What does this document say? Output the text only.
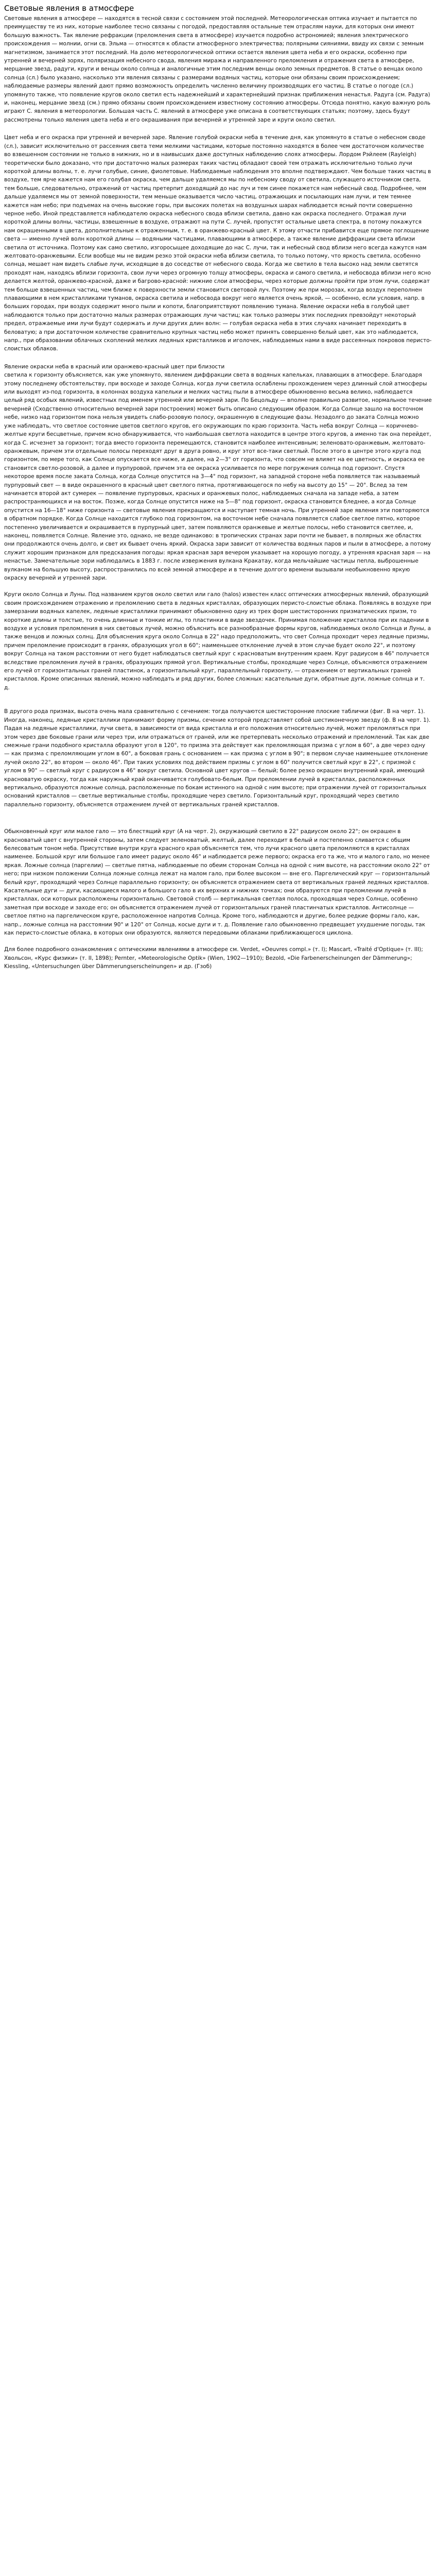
Световые явления в атмосфере

Световые явления в атмосфере — находятся в тесной связи с состоянием этой последней. Метеорологическая оптика изучает и пытается по преимуществу те из них, которые наиболее тесно связаны с погодой, предоставляя остальные тем отраслям науки, для которых они имеют большую важность. Так явление рефракции (преломления света в атмосфере) изучается подробно астрономией; явления электрического происхождения — молнии, огни св. Эльма — относятся к области атмосферного электричества; полярными сияниями, ввиду их связи с земным магнетизмом, занимается этот последний. На долю метеорологической оптики остается явления цвета неба и его окраски, особенно при утренней и вечерней зорях, поляризация небесного свода, явления миража и направленного преломления и отражения света в атмосфере, мерцание звезд, радуги, круги и венцы около солнца и аналогичные этим последним венцы около земных предметов. В статье о венцах около солнца (сл.) было указано, насколько эти явления связаны с размерами водяных частиц, которые они обязаны своим происхождением; наблюдаемые размеры явлений дают прямо возможность определить численно величину производящих его частиц. В статье о погоде (сл.) упомянуто также, что появление кругов около светил есть надежнейший и характернейший признак приближения ненастья. Радуга (см. Радуга) и, наконец, мерцание звезд (см.) прямо обязаны своим происхождением известному состоянию атмосферы. Отсюда понятно, какую важную роль играют С. явления в метеорологии. Большая часть С. явлений в атмосфере уже описана в соответствующих статьях; поэтому, здесь будут рассмотрены только явления цвета неба и его окрашивания при вечерней и утренней заре и круги около светил.

Цвет неба и его окраска при утренней и вечерней заре. Явление голубой окраски неба в течение дня, как упомянуто в статье о небесном своде (сл.), зависит исключительно от рассеяния света теми мелкими частицами, которые постоянно находятся в более чем достаточном количестве во взвешенном состоянии не только в нижних, но и в наивысших даже доступных наблюдению слоях атмосферы. Лордом Рэйлеем (Rayleigh) теоретически было доказано, что при достаточно малых размерах таких частиц обладают своей тем отражать исключительно только лучи короткой длины волны, т. е. лучи голубые, синие, фиолетовые. Наблюдаемые наблюдения это вполне подтверждают. Чем больше таких частиц в воздухе, тем ярче кажется нам его голубая окраска, чем дальше удаляемся мы по небесному своду от светила, служащего источником света, тем больше, следовательно, отражений от частиц претерпит доходящий до нас луч и тем синее покажется нам небесный свод. Подробнее, чем дальше удаляемся мы от земной поверхности, тем меньше оказывается число частиц, отражающих и посылающих нам лучи, и тем темнее кажется нам небо; при подъемах на очень высокие горы, при высоких полетах на воздушных шарах наблюдается ясный почти совершенно черное небо. Иной представляется наблюдателю окраска небесного свода вблизи светила, давно как окраска последнего. Отражая лучи короткой длины волны, частицы, взвешенные в воздухе, отражают на пути С. лучей, пропустят остальные цвета спектра, в потому покажутся нам окрашенными в цвета, дополнительные к отраженным, т. е. в оранжево-красный цвет. К этому отчасти прибавится еще прямое поглощение света — именно лучей волн короткой длины — водяными частицами, плавающими в атмосфере, а также явление диффракции света вблизи светила от источника. Поэтому как само светило, изгоросыщее доходящие до нас С. лучи, так и небесный свод вблизи него всегда кажутся нам желтовато-оранжевыми. Если вообще мы не видим резко этой окраски неба вблизи светила, то только потому, что яркость светила, особенно солнца, мешает нам видеть слабые лучи, исходящие в до соседстве от небесного свода. Когда же светило в тела высоко над земли светятся проходят нам, находясь вблизи горизонта, свои лучи через огромную толщу атмосферы, окраска и самого светила, и небосвода вблизи него ясно делается желтой, оранжево-красной, даже и багрово-красной: нижние слои атмосферы, через которые должны пройти при этом лучи, содержат тем больше взвешенных частиц, чем ближе к поверхности земли становится световой луч. Поэтому же при морозах, когда воздух переполнен плавающими в нем кристалликами туманов, окраска светила и небосвода вокруг него является очень яркой, — особенно, если условия, напр. в больших городах, при воздух содержит много пыли и копоти, благоприятствуют появлению тумана. Явление окраски неба в голубой цвет наблюдаются только при достаточно малых размерах отражающих лучи частиц; как только размеры этих последних превзойдут некоторый предел, отражаемые ими лучи будут содержать и лучи других длин волн: — голубая окраска неба в этих случаях начинает переходить в беловатую; а при достаточном количестве сравнительно крупных частиц небо может принять совершенно белый цвет, как это наблюдается, напр., при образовании облачных скоплений мелких ледяных кристалликов и иголочек, наблюдаемых нами в виде рассеянных покровов перисто-слоистых облаков.

Явление окраски неба в красный или оранжево-красный цвет при близости
светила к горизонту объясняется, как уже упомянуто, явлением диффракции света в водяных капельках, плавающих в атмосфере. Благодаря этому последнему обстоятельству, при восходе и заходе Солнца, когда лучи светила ослаблены прохождением через длинный слой атмосферы или выходят из-под горизонта, в колоннах воздуха капельки и мелких частиц пыли в атмосфере обыкновенно весьма велико, наблюдается целый ряд особых явлений, известных под именем утренней или вечерней зари. По Бецольду — вполне правильно развитое, нормальное течение вечерней (Сходственно относительно вечерней зари построения) может быть описано следующим образом. Когда Солнце зашло на восточном небе, низко над горизонтом пока нельзя увидеть слабо-розовую полосу, окрашенную в следующие фазы. Незадолго до заката Солнца можно уже наблюдать, что светлое состояние цветов светлого кругов, его окружающих по краю горизонта. Часть неба вокруг Солнца — коричнево-желтые круги бесцветные, причем ясно обнаруживается, что наибольшая светлота находится в центре этого кругов, а именно так она перейдет, когда С. исчезнет за горизонт; тогда вместо горизонта перемещаются, становится наиболее интенсивным; зеленовато-оранжевым, желтовато-оранжевым, причем эти отдельные полосы переходят друг в друга ровно, и круг этот все-таки светлый. После этого в центре этого круга под горизонтом, по мере того, как Солнце опускается все ниже, и далее, на 2—3° от горизонта, что совсем не влияет на ее цветность, и окраска ее становится светло-розовой, а далее и пурпуровой, причем эта ее окраска усиливается по мере погружения солнца под горизонт. Спустя некоторое время после заката Солнца, когда Солнце опустится на 3—4° под горизонт, на западной стороне неба появляется так называемый пурпуровый свет — в виде окрашенного в красный цвет светлого пятна, протягивающегося по небу на высоту до 15° — 20°. Вслед за тем начинается второй акт сумерек — появление пурпуровых, красных и оранжевых полос, наблюдаемых сначала на западе неба, а затем распространяющихся и на восток. Позже, когда Солнце опустится ниже на 5—8° под горизонт, окраска становится бледнее, а когда Солнце опустится на 16—18° ниже горизонта — световые явления прекращаются и наступает темная ночь. При утренней заре явления эти повторяются в обратном порядке. Когда Солнце находится глубоко под горизонтом, на восточном небе сначала появляется слабое светлое пятно, которое постепенно увеличивается и окрашивается в пурпурный цвет, затем появляются оранжевые и желтые полосы, небо становится светлее, и, наконец, появляется Солнце. Явление это, однако, не везде одинаково: в тропических странах зари почти не бывает, в полярных же областях они продолжаются очень долго, и свет их бывает очень яркий. Окраска зари зависит от количества водяных паров и пыли в атмосфере, а потому служит хорошим признаком для предсказания погоды: яркая красная заря вечером указывает на хорошую погоду, а утренняя красная заря — на ненастье. Замечательные зори наблюдались в 1883 г. после извержения вулкана Кракатау, когда мельчайшие частицы пепла, выброшенные вулканом на большую высоту, распространились по всей земной атмосфере и в течение долгого времени вызывали необыкновенно яркую окраску вечерней и утренней зари.

Круги около Солнца и Луны. Под названием кругов около светил или гало (halos) известен класс оптических атмосферных явлений, образующий своим происхождением отражению и преломлению света в ледяных кристаллах, образующих перисто-слоистые облака. Появляясь в воздухе при замерзании водяных капелек, ледяные кристаллики принимают обыкновенно одну из трех форм шестисторонних призматических призм, то короткие длины и толстые, то очень длинные и тонкие иглы, то пластинки в виде звездочек. Принимая положение кристаллов при их падении в воздухе и условия преломления в них световых лучей, можно объяснить все разнообразные формы кругов, наблюдаемых около Солнца и Луны, а также венцов и ложных солнц. Для объяснения круга около Солнца в 22° надо предположить, что свет Солнца проходит через ледяные призмы, причем преломление происходит в гранях, образующих угол в 60°; наименьшее отклонение лучей в этом случае будет около 22°, и поэтому вокруг Солнца на таком расстоянии от него будет наблюдаться светлый круг с красноватым внутренним краем. Круг радиусом в 46° получается вследствие преломления лучей в гранях, образующих прямой угол. Вертикальные столбы, проходящие через Солнце, объясняются отражением его лучей от горизонтальных граней пластинок, а горизонтальный круг, параллельный горизонту, — отражением от вертикальных граней кристаллов. Кроме описанных явлений, можно наблюдать и ряд других, более сложных: касательные дуги, обратные дуги, ложные солнца и т. д.

В другого рода призмах, высота очень мала сравнительно с сечением: тогда получаются шестисторонние плоские таблички (фиг. В на черт. 1). Иногда, наконец, ледяные кристаллики принимают форму призмы, сечение которой представляет собой шестиконечную звезду (ф. В на черт. 1). Падая на ледяные кристаллики, лучи света, в зависимости от вида кристалла и его положения относительно лучей, может преломляться при этом через две боковые грани или через три, или отражаться от граней, или же претерпевать несколько отражений и преломлений. Так как две смежные грани подобного кристалла образуют угол в 120°, то призма эта действует как преломляющая призма с углом в 60°, а две через одну — как призма с преломляющим углом в 60°, а боковая грань с основанием — как призма с углом в 90°; в первом случае наименьшее отклонение лучей около 22°, во втором — около 46°. При таких условиях под действием призмы с углом в 60° получится светлый круг в 22°, с призмой с углом в 90° — светлый круг с радиусом в 46° вокруг светила. Основной цвет кругов — белый; более резко окрашен внутренний край, имеющий красноватую окраску, тогда как наружный край оканчивается голубовато-белым. При преломлении лучей в кристаллах, расположенных вертикально, образуются ложные солнца, расположенные по бокам истинного на одной с ним высоте; при отражении лучей от горизонтальных оснований кристаллов — светлые вертикальные столбы, проходящие через светило. Горизонтальный круг, проходящий через светило параллельно горизонту, объясняется отражением лучей от вертикальных граней кристаллов.

Обыкновенный круг или малое гало — это блестящий круг (А на черт. 2), окружающий светило в 22° радиусом около 22°; он окрашен в красноватый цвет с внутренней стороны, затем следует зеленоватый, желтый, далее переходит в белый и постепенно сливается с общим белесоватым тоном неба. Присутствие внутри круга красного края объясняется тем, что лучи красного цвета преломляются в кристаллах наименее. Большой круг или большое гало имеет радиус около 46° и наблюдается реже первого; окраска его та же, что и малого гало, но менее яркая. Ложные солнца (паргелии) — светлые пятна, наблюдаемые по обеим сторонам Солнца на одной с ним высоте, на расстоянии около 22° от него; при низком положении Солнца ложные солнца лежат на малом гало, при более высоком — вне его. Паргелический круг — горизонтальный белый круг, проходящий через Солнце параллельно горизонту; он объясняется отражением света от вертикальных граней ледяных кристаллов. Касательные дуги — дуги, касающиеся малого и большого гало в их верхних и нижних точках; они образуются при преломлении лучей в кристаллах, оси которых расположены горизонтально. Световой столб — вертикальная светлая полоса, проходящая через Солнце, особенно заметная при восходе и заходе его; он объясняется отражением лучей от горизонтальных граней пластинчатых кристаллов. Антисолнце — светлое пятно на паргелическом круге, расположенное напротив Солнца. Кроме того, наблюдаются и другие, более редкие формы гало, как, напр., ложные солнца на расстоянии 90° и 120° от Солнца, косые дуги и т. д. Появление гало обыкновенно предвещает ухудшение погоды, так как перисто-слоистые облака, в которых они образуются, являются передовыми облаками приближающегося циклона.

Для более подробного ознакомления с оптическими явлениями в атмосфере см. Verdet, «Oeuvres compl.» (т. I); Mascart, «Traité d'Optique» (т. III); Хвольсон, «Курс физики» (т. II, 1898); Pernter, «Meteorologische Optik» (Wien, 1902—1910); Bezold, «Die Farbenerscheinungen der Dämmerung»; Kiessling, «Untersuchungen über Dämmerungserscheinungen» и др. (Гзоб)
